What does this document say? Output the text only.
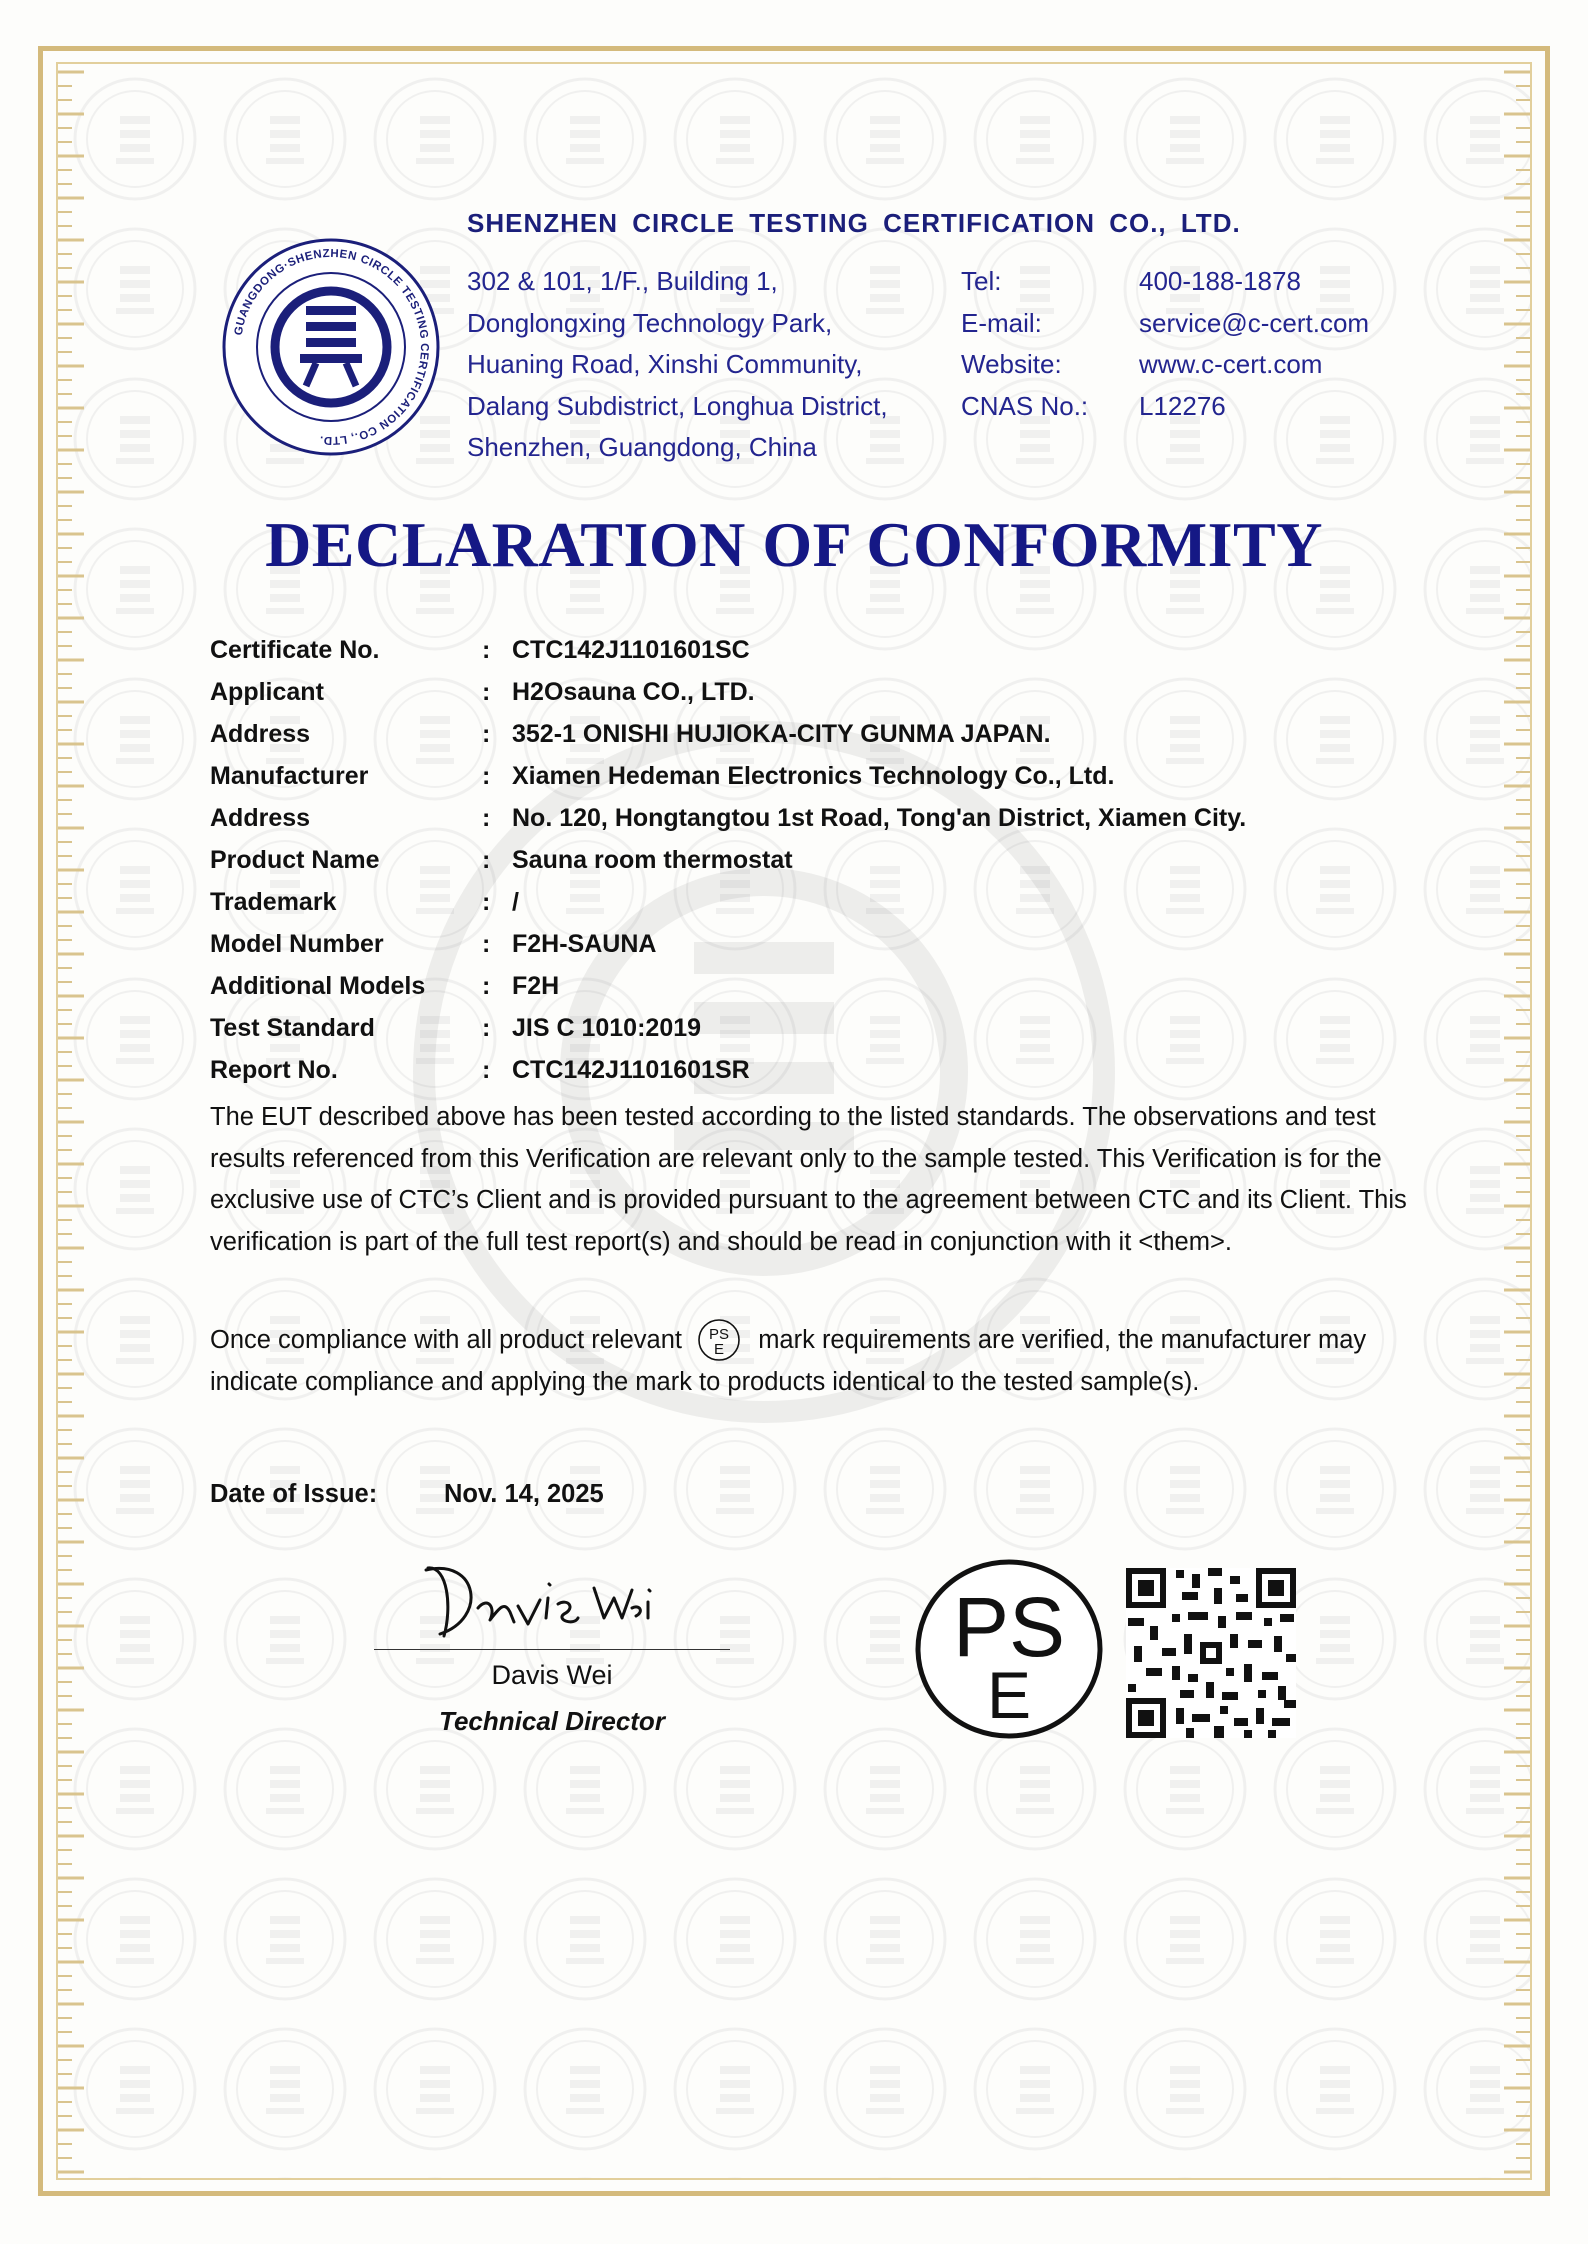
GUANGDONG·SHENZHEN CIRCLE TESTING CERTIFICATION CO., LTD.
SHENZHEN CIRCLE TESTING CERTIFICATION CO., LTD.
302 & 101, 1/F., Building 1,
Donglongxing Technology Park,
Huaning Road, Xinshi Community,
Dalang Subdistrict, Longhua District,
Shenzhen, Guangdong, China
Tel:	400-188-1878
E-mail:	service@c-cert.com
Website:	www.c-cert.com
CNAS No.:	L12276
DECLARATION OF CONFORMITY
Certificate No.	: CTC142J1101601SC
Applicant	: H2Osauna CO., LTD.
Address	: 352-1 ONISHI HUJIOKA-CITY GUNMA JAPAN.
Manufacturer	: Xiamen Hedeman Electronics Technology Co., Ltd.
Address	: No. 120, Hongtangtou 1st Road, Tong'an District, Xiamen City.
Product Name	: Sauna room thermostat
Trademark	: /
Model Number	: F2H-SAUNA
Additional Models	: F2H
Test Standard	: JIS C 1010:2019
Report No.	: CTC142J1101601SR
The EUT described above has been tested according to the listed standards. The observations and test results referenced from this Verification are relevant only to the sample tested. This Verification is for the exclusive use of CTC’s Client and is provided pursuant to the agreement between CTC and its Client. This verification is part of the full test report(s) and should be read in conjunction with it <them>.
Once compliance with all product relevant PS
E mark requirements are verified, the manufacturer may indicate compliance and applying the mark to products identical to the tested sample(s).
Date of Issue:	Nov. 14, 2025
Davis Wei
Technical Director
PS
E
